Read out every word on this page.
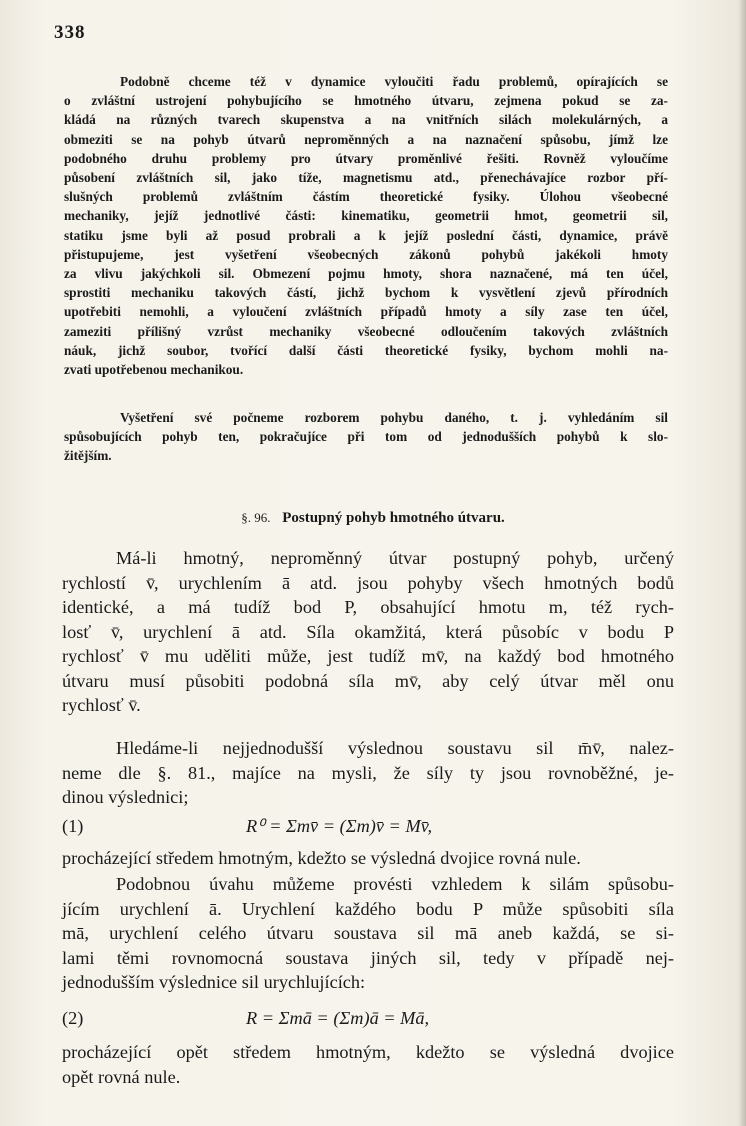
338
Podobně chceme též v dynamice vyloučiti řadu problemů, opírajících se
o zvláštní ustrojení pohybujícího se hmotného útvaru, zejmena pokud se za-
kládá na různých tvarech skupenstva a na vnitřních silách molekulárných, a
obmeziti se na pohyb útvarů neproměnných a na naznačení spůsobu, jímž lze
podobného druhu problemy pro útvary proměnlivé řešiti. Rovněž vyloučíme
působení zvláštních sil, jako tíže, magnetismu atd., přenechávajíce rozbor pří-
slušných problemů zvláštním částím theoretické fysiky. Úlohou všeobecné
mechaniky, jejíž jednotlivé části: kinematiku, geometrii hmot, geometrii sil,
statiku jsme byli až posud probrali a k jejíž poslední části, dynamice, právě
přistupujeme, jest vyšetření všeobecných zákonů pohybů jakékoli hmoty
za vlivu jakýchkoli sil. Obmezení pojmu hmoty, shora naznačené, má ten účel,
sprostiti mechaniku takových částí, jichž bychom k vysvětlení zjevů přírodních
upotřebiti nemohli, a vyloučení zvláštních případů hmoty a síly zase ten účel,
zameziti přílišný vzrůst mechaniky všeobecné odloučením takových zvláštních
náuk, jichž soubor, tvořící další části theoretické fysiky, bychom mohli na-
zvati upotřebenou mechanikou.
Vyšetření své počneme rozborem pohybu daného, t. j. vyhledáním sil
spůsobujících pohyb ten, pokračujíce při tom od jednodušších pohybů k slo-
žitějším.
§. 96. Postupný pohyb hmotného útvaru.
Má-li hmotný, neproměnný útvar postupný pohyb, určený
rychlostí v̄, urychlením ā atd. jsou pohyby všech hmotných bodů
identické, a má tudíž bod P, obsahující hmotu m, též rych-
losť v̄, urychlení ā atd. Síla okamžitá, která působíc v bodu P
rychlosť v̄ mu uděliti může, jest tudíž mv̄, na každý bod hmotného
útvaru musí působiti podobná síla mv̄, aby celý útvar měl onu
rychlosť v̄.
Hledáme-li nejjednodušší výslednou soustavu sil m̄v̄, nalez-
neme dle §. 81., majíce na mysli, že síly ty jsou rovnoběžné, je-
dinou výslednici;
(1)	R⁰ = Σmv̄ = (Σm)v̄ = Mv̄,
procházející středem hmotným, kdežto se výsledná dvojice rovná nule.
Podobnou úvahu můžeme provésti vzhledem k silám spůsobu-
jícím urychlení ā. Urychlení každého bodu P může spůsobiti síla
mā, urychlení celého útvaru soustava sil mā aneb každá, se si-
lami těmi rovnomocná soustava jiných sil, tedy v případě nej-
jednodušším výslednice sil urychlujících:
(2)	R = Σmā = (Σm)ā = Mā,
procházející opět středem hmotným, kdežto se výsledná dvojice
opět rovná nule.
